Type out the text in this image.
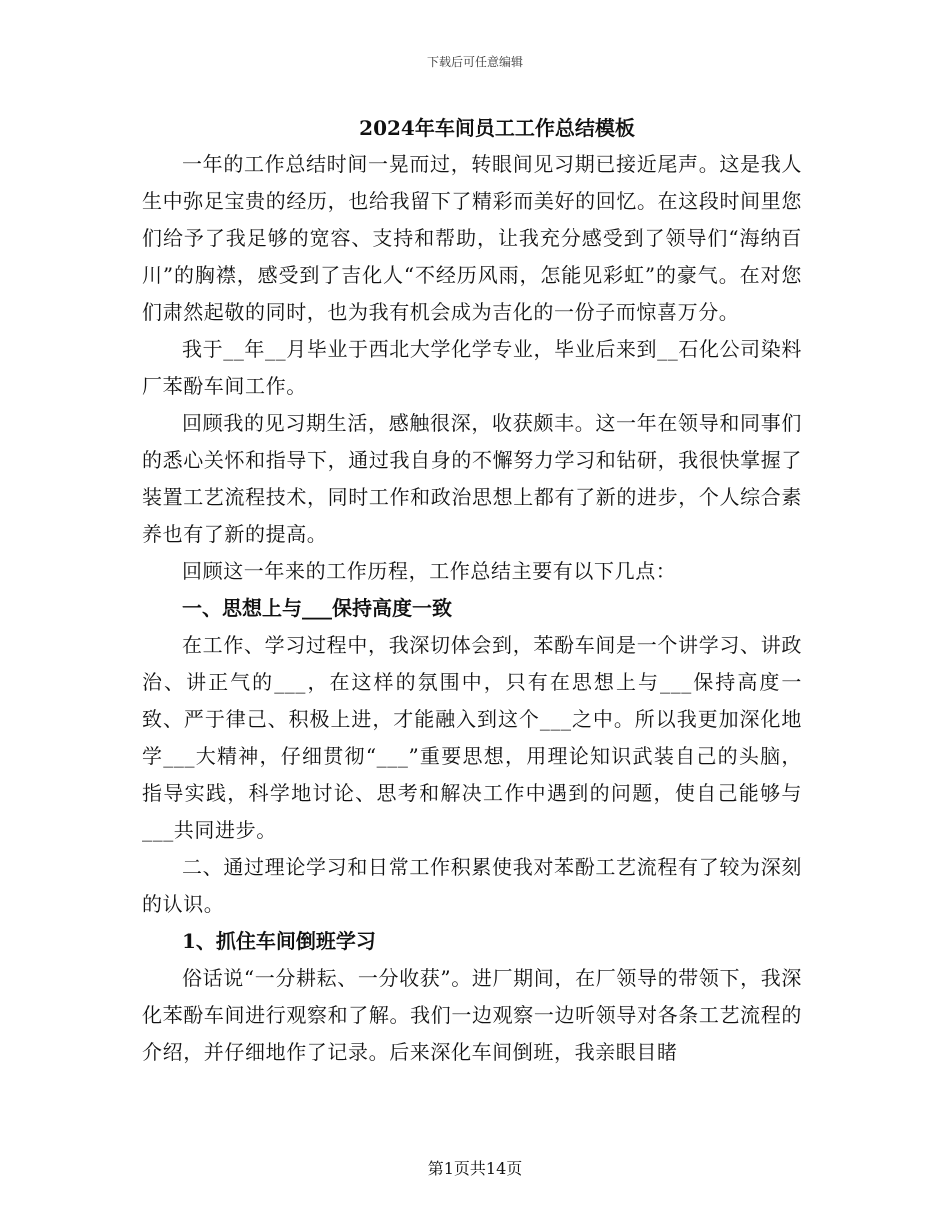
下载后可任意编辑
2024年车间员工工作总结模板

一年的工作总结时间一晃而过，转眼间见习期已接近尾声。这是我人生中弥足宝贵的经历，也给我留下了精彩而美好的回忆。在这段时间里您们给予了我足够的宽容、支持和帮助，让我充分感受到了领导们“海纳百川”的胸襟，感受到了吉化人“不经历风雨，怎能见彩虹”的豪气。在对您们肃然起敬的同时，也为我有机会成为吉化的一份子而惊喜万分。

我于__年__月毕业于西北大学化学专业，毕业后来到__石化公司染料厂苯酚车间工作。

回顾我的见习期生活，感触很深，收获颇丰。这一年在领导和同事们的悉心关怀和指导下，通过我自身的不懈努力学习和钻研，我很快掌握了装置工艺流程技术，同时工作和政治思想上都有了新的进步，个人综合素养也有了新的提高。

回顾这一年来的工作历程，工作总结主要有以下几点：

一、思想上与___保持高度一致

在工作、学习过程中，我深切体会到，苯酚车间是一个讲学习、讲政治、讲正气的___，在这样的氛围中，只有在思想上与___保持高度一致、严于律己、积极上进，才能融入到这个___之中。所以我更加深化地学___大精神，仔细贯彻“___”重要思想，用理论知识武装自己的头脑，指导实践，科学地讨论、思考和解决工作中遇到的问题，使自己能够与___共同进步。

二、通过理论学习和日常工作积累使我对苯酚工艺流程有了较为深刻的认识。

1、抓住车间倒班学习

俗话说“一分耕耘、一分收获”。进厂期间，在厂领导的带领下，我深化苯酚车间进行观察和了解。我们一边观察一边听领导对各条工艺流程的介绍，并仔细地作了记录。后来深化车间倒班，我亲眼目睹

第1页共14页
